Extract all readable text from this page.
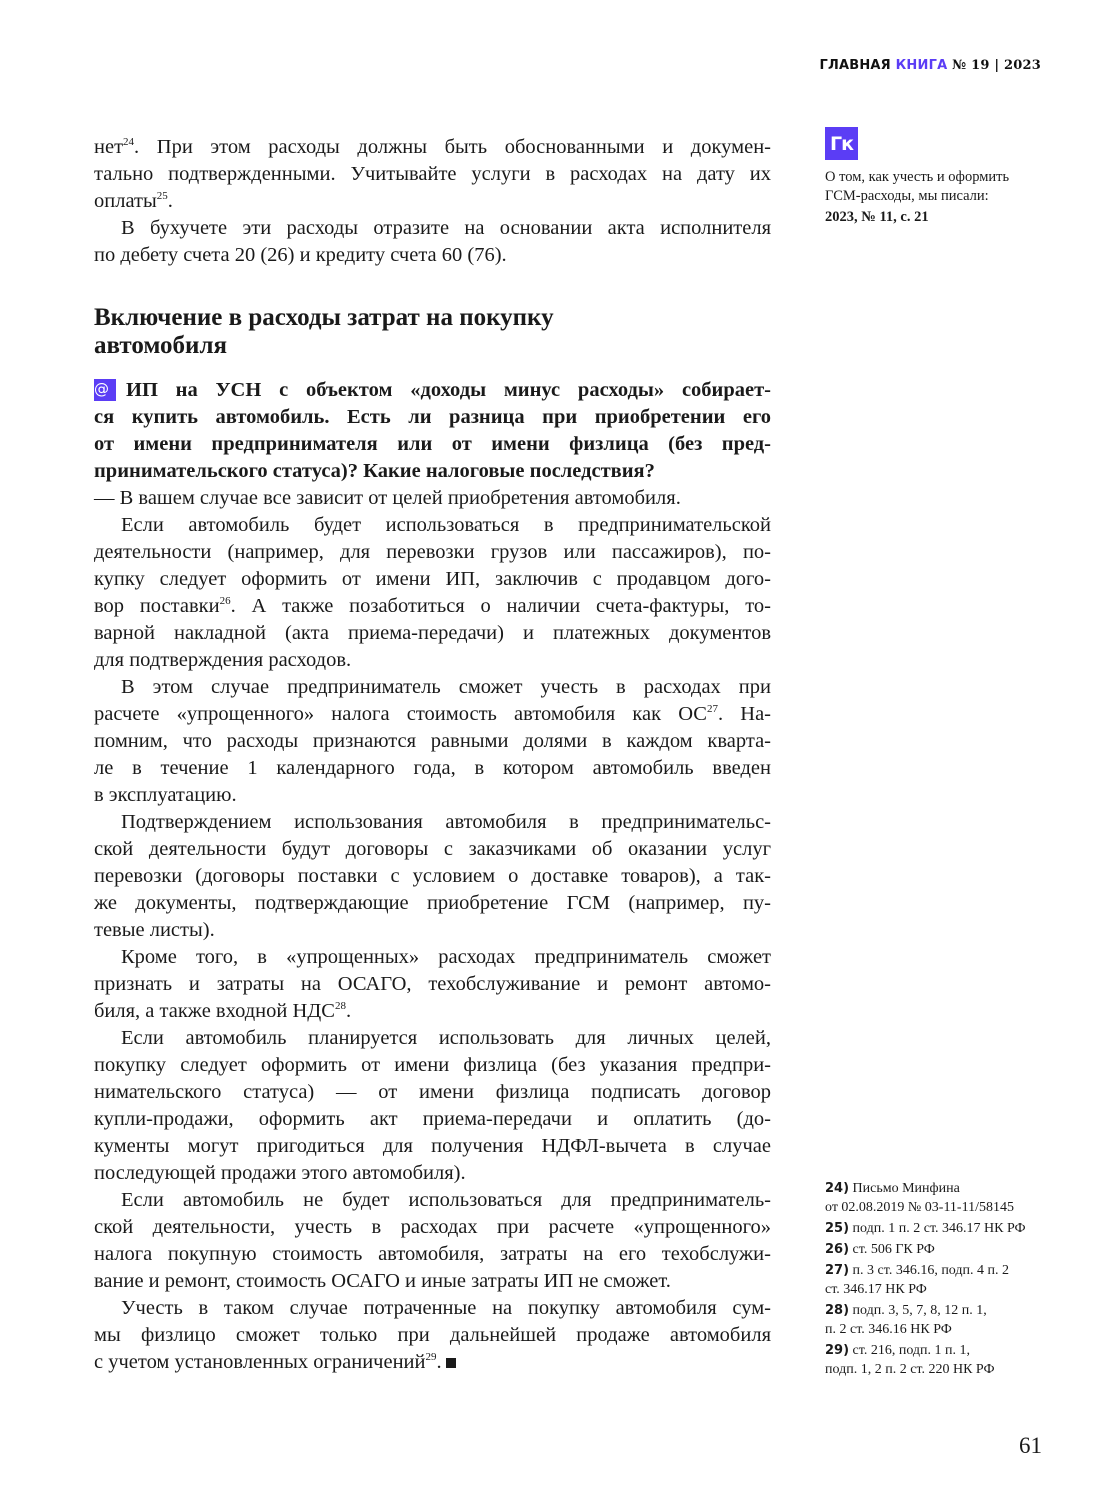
ГЛАВНАЯ КНИГА № 19 | 2023
нет$^{24}$. При этом расходы должны быть обоснованными и докумен-
тально подтвержденными. Учитывайте услуги в расходах на дату их
оплаты$^{25}$.
В бухучете эти расходы отразите на основании акта исполнителя
по дебету счета 20 (26) и кредиту счета 60 (76).
Включение в расходы затрат на покупку
автомобиля
@ ИП на УСН с объектом «доходы минус расходы» собирает-
ся купить автомобиль. Есть ли разница при приобретении его
от имени предпринимателя или от имени физлица (без пред-
принимательского статуса)? Какие налоговые последствия?
— В вашем случае все зависит от целей приобретения автомобиля.
Если автомобиль будет использоваться в предпринимательской
деятельности (например, для перевозки грузов или пассажиров), по-
купку следует оформить от имени ИП, заключив с продавцом дого-
вор поставки$^{26}$. А также позаботиться о наличии счета-фактуры, то-
варной накладной (акта приема-передачи) и платежных документов
для подтверждения расходов.
В этом случае предприниматель сможет учесть в расходах при
расчете «упрощенного» налога стоимость автомобиля как ОС$^{27}$. На-
помним, что расходы признаются равными долями в каждом кварта-
ле в течение 1 календарного года, в котором автомобиль введен
в эксплуатацию.
Подтверждением использования автомобиля в предпринимательс-
ской деятельности будут договоры с заказчиками об оказании услуг
перевозки (договоры поставки с условием о доставке товаров), а так-
же документы, подтверждающие приобретение ГСМ (например, пу-
тевые листы).
Кроме того, в «упрощенных» расходах предприниматель сможет
признать и затраты на ОСАГО, техобслуживание и ремонт автомо-
биля, а также входной НДС$^{28}$.
Если автомобиль планируется использовать для личных целей,
покупку следует оформить от имени физлица (без указания предпри-
нимательского статуса) — от имени физлица подписать договор
купли-продажи, оформить акт приема-передачи и оплатить (до-
кументы могут пригодиться для получения НДФЛ-вычета в случае
последующей продажи этого автомобиля).
Если автомобиль не будет использоваться для предприниматель-
ской деятельности, учесть в расходах при расчете «упрощенного»
налога покупную стоимость автомобиля, затраты на его техобслужи-
вание и ремонт, стоимость ОСАГО и иные затраты ИП не сможет.
Учесть в таком случае потраченные на покупку автомобиля сум-
мы физлицо сможет только при дальнейшей продаже автомобиля
с учетом установленных ограничений$^{29}$.
Гк
О том, как учесть и оформить
ГСМ-расходы, мы писали:
2023, № 11, с. 21
24) Письмо Минфина
от 02.08.2019 № 03-11-11/58145
25) подп. 1 п. 2 ст. 346.17 НК РФ
26) ст. 506 ГК РФ
27) п. 3 ст. 346.16, подп. 4 п. 2
ст. 346.17 НК РФ
28) подп. 3, 5, 7, 8, 12 п. 1,
п. 2 ст. 346.16 НК РФ
29) ст. 216, подп. 1 п. 1,
подп. 1, 2 п. 2 ст. 220 НК РФ
61
